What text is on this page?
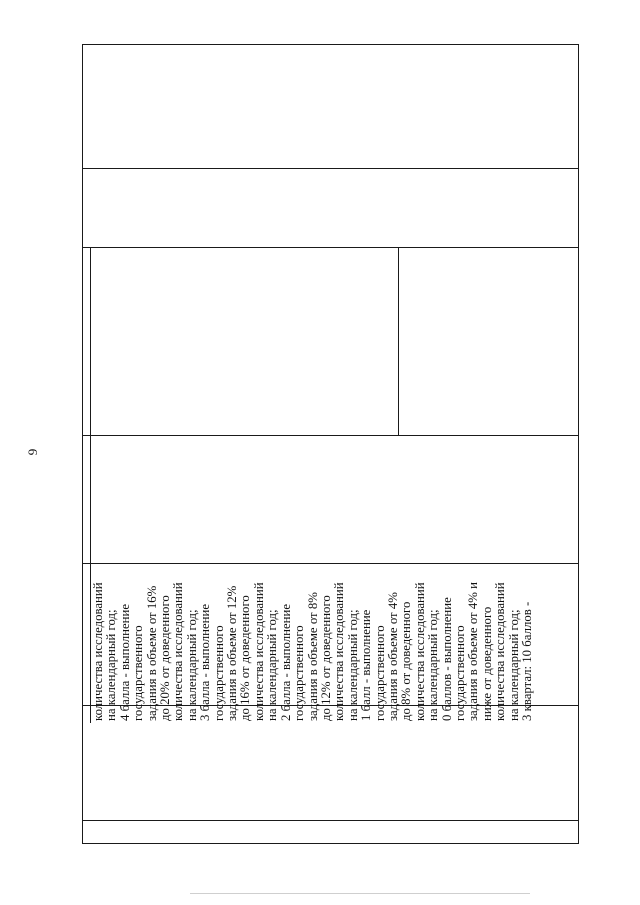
9
количества исследований на календарный год; 4 балла - выполнение государственного задания в объеме от 16% до 20% от доведенного количества исследований на календарный год; 3 балла - выполнение государственного задания в объеме от 12% до 16% от доведенного количества исследований на календарный год; 2 балла - выполнение государственного задания в объеме от 8% до 12% от доведенного количества исследований на календарный год; 1 балл - выполнение государственного задания в объеме от 4% до 8% от доведенного количества исследований на календарный год; 0 баллов - выполнение государственного задания в объеме от 4% и ниже от доведенного количества исследований на календарный год; 3 квартал: 10 баллов -
